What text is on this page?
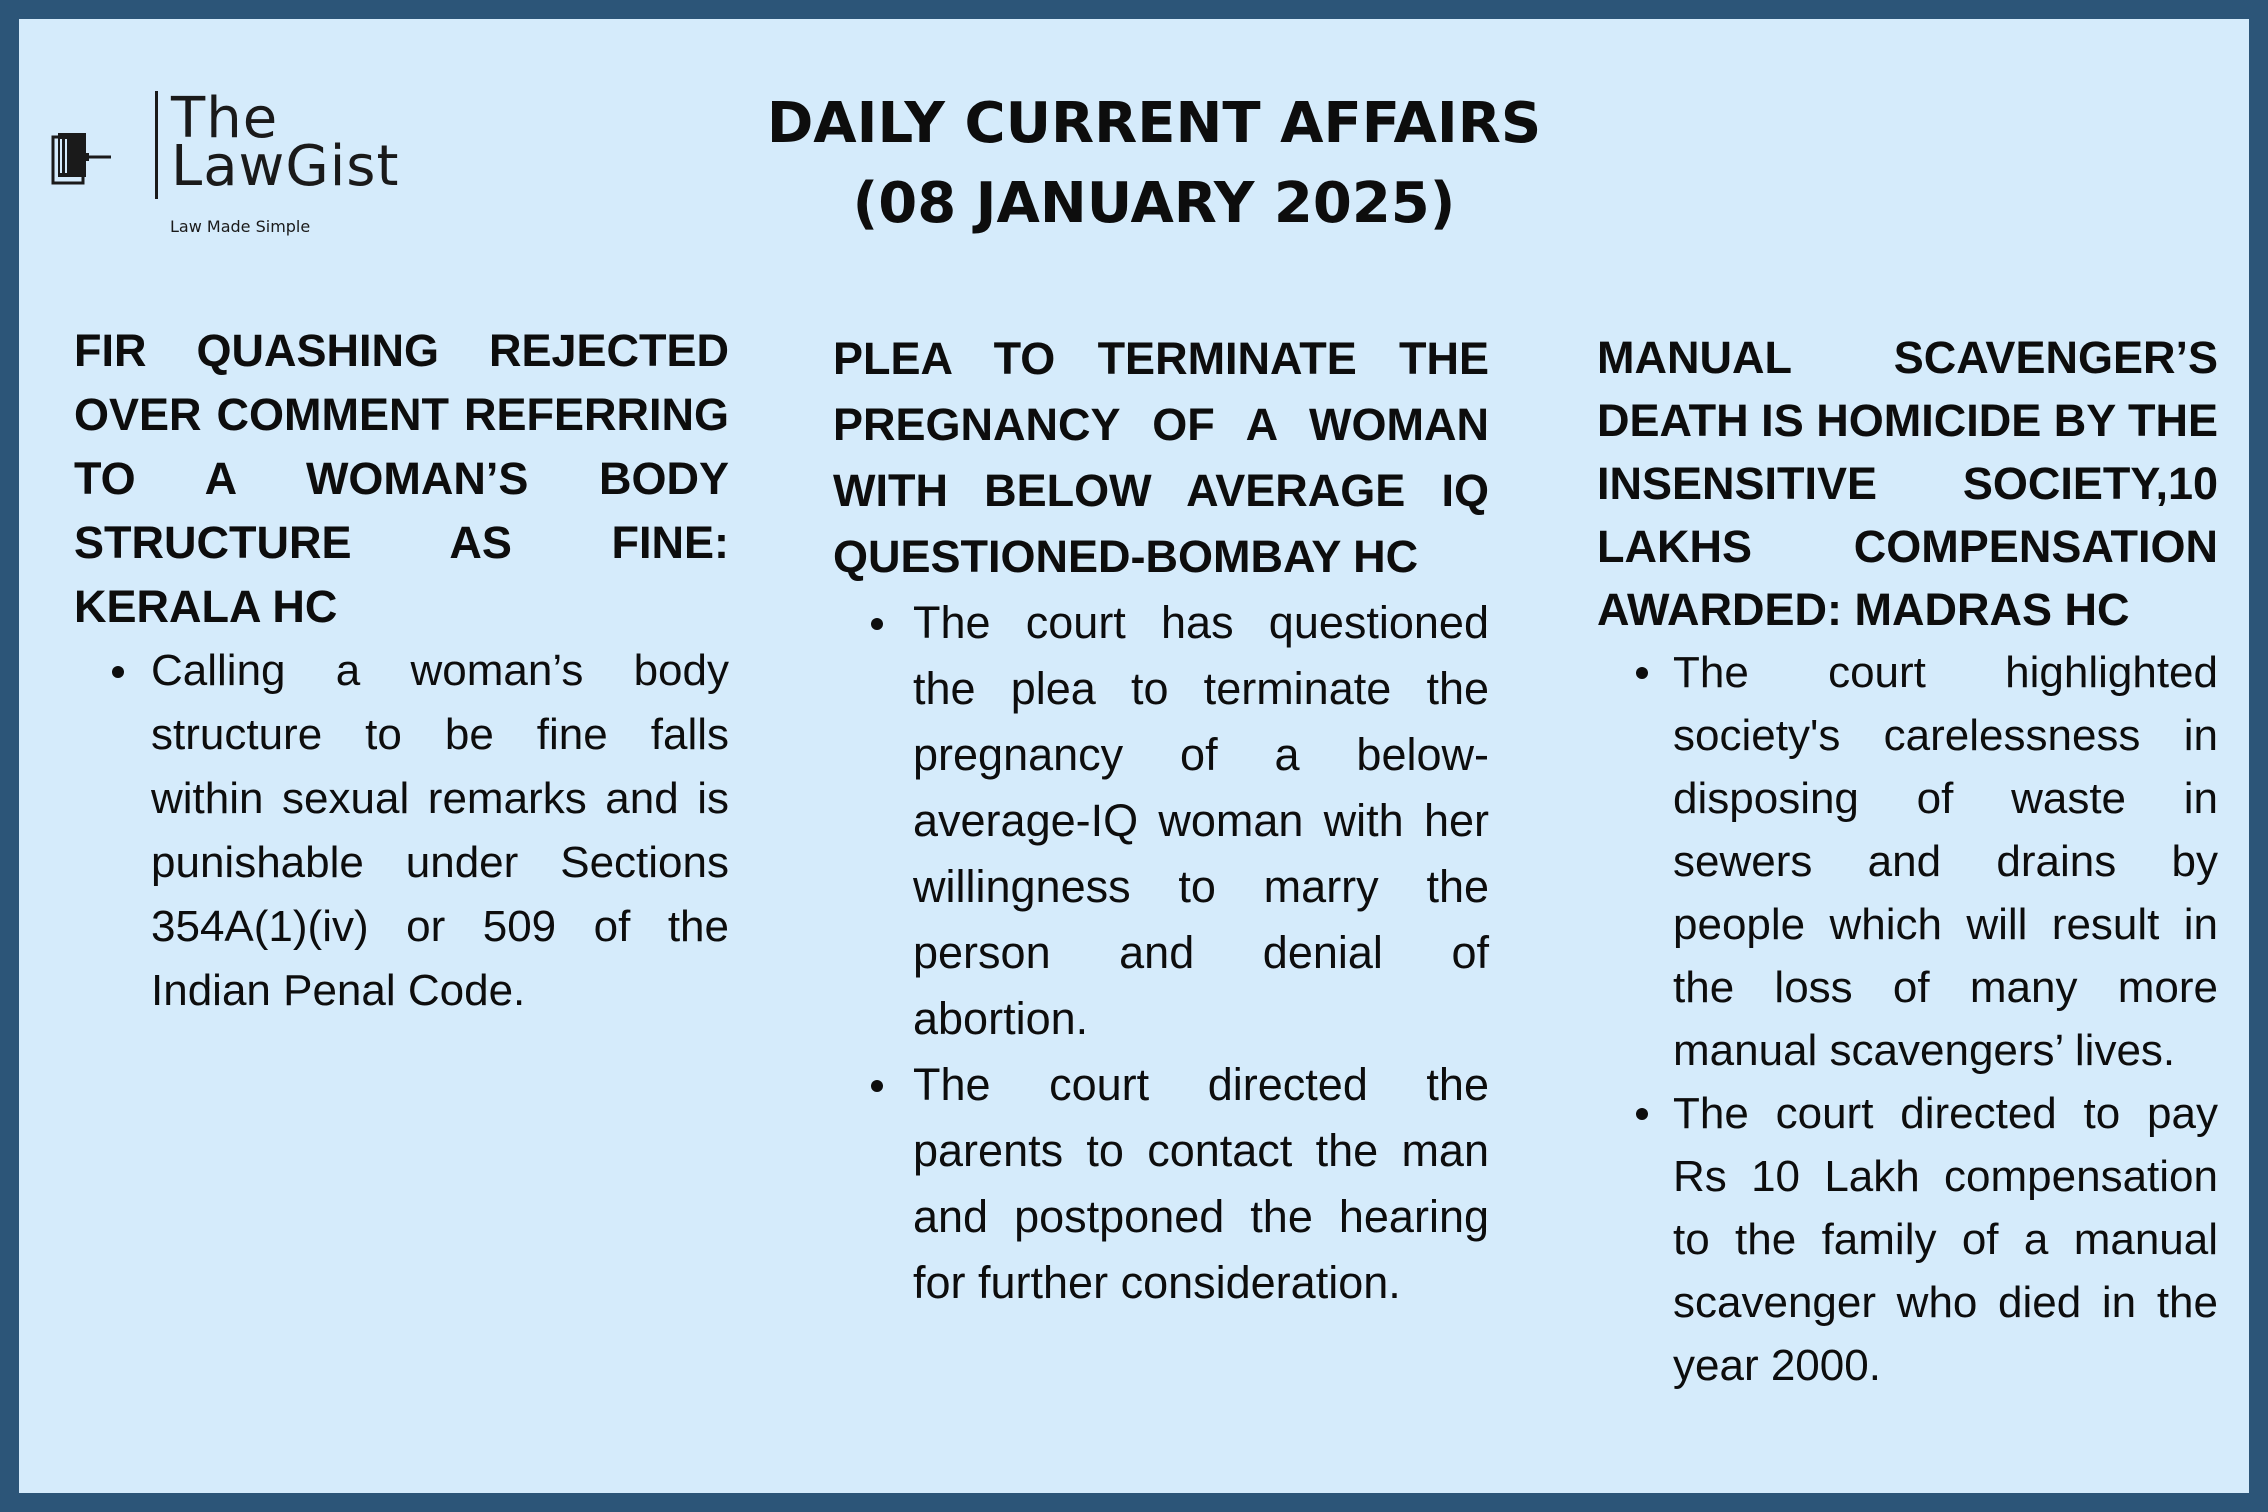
The
LawGist
Law Made Simple
DAILY CURRENT AFFAIRS
(08 JANUARY 2025)
FIR QUASHING REJECTED OVER COMMENT REFERRING TO A WOMAN’S BODY STRUCTURE AS FINE: KERALA HC
Calling a woman’s body structure to be fine falls within sexual remarks and is punishable under Sections 354A(1)(iv) or 509 of the Indian Penal Code.
PLEA TO TERMINATE THE PREGNANCY OF A WOMAN WITH BELOW AVERAGE IQ QUESTIONED-BOMBAY HC
The court has questioned the plea to terminate the pregnancy of a below-average-IQ woman with her willingness to marry the person and denial of abortion.
The court directed the parents to contact the man and postponed the hearing for further consideration.
MANUAL SCAVENGER’S DEATH IS HOMICIDE BY THE INSENSITIVE SOCIETY,10 LAKHS COMPENSATION AWARDED: MADRAS HC
The court highlighted society's carelessness in disposing of waste in sewers and drains by people which will result in the loss of many more manual scavengers’ lives.
The court directed to pay Rs 10 Lakh compensation to the family of a manual scavenger who died in the year 2000.
